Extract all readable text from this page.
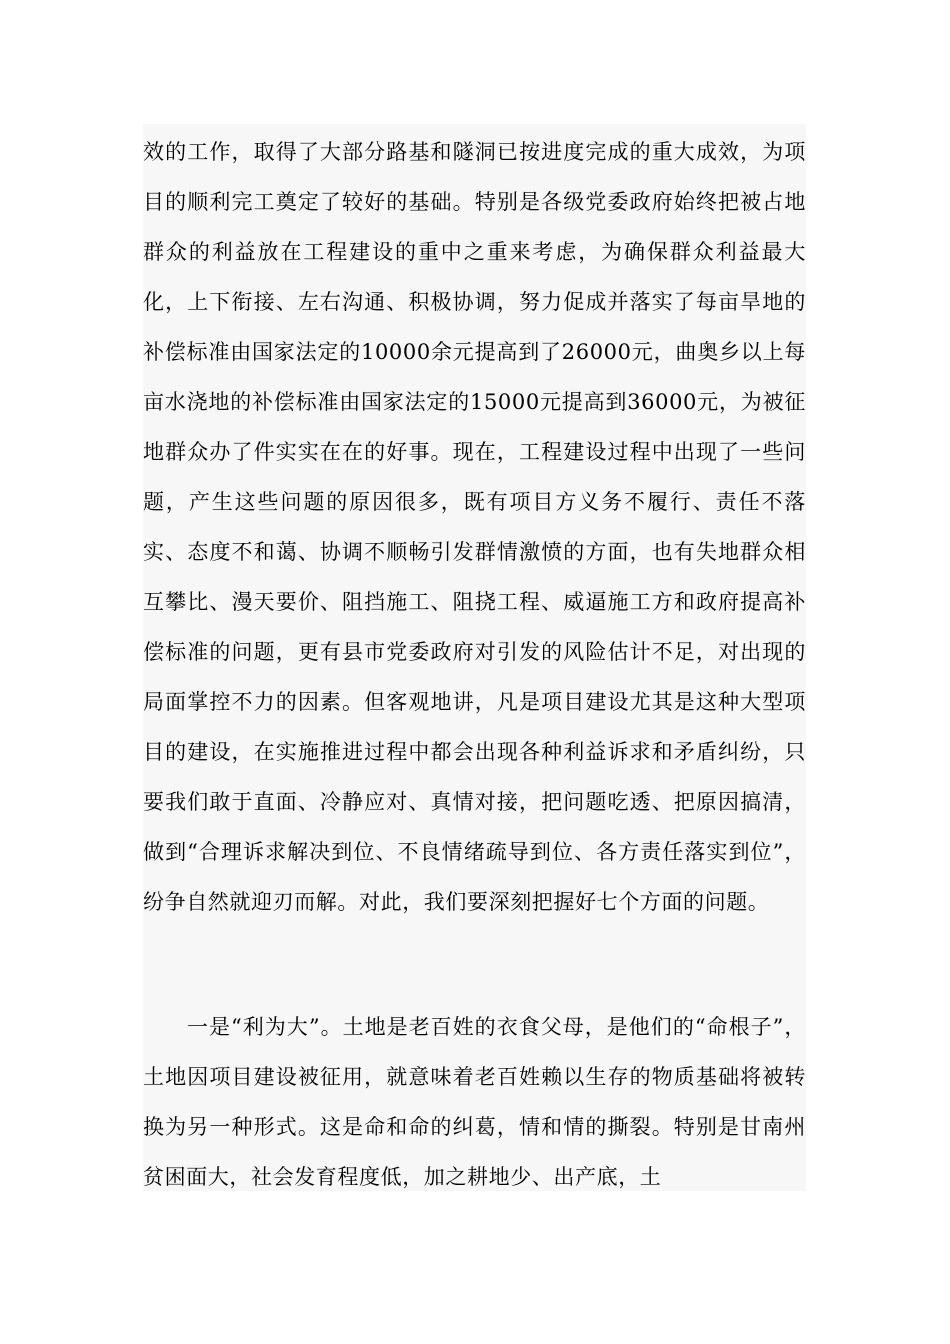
效的工作，取得了大部分路基和隧洞已按进度完成的重大成效，为项目的顺利完工奠定了较好的基础。特别是各级党委政府始终把被占地群众的利益放在工程建设的重中之重来考虑，为确保群众利益最大化，上下衔接、左右沟通、积极协调，努力促成并落实了每亩旱地的补偿标准由国家法定的10000余元提高到了26000元，曲奥乡以上每亩水浇地的补偿标准由国家法定的15000元提高到36000元，为被征地群众办了件实实在在的好事。现在，工程建设过程中出现了一些问题，产生这些问题的原因很多，既有项目方义务不履行、责任不落实、态度不和蔼、协调不顺畅引发群情激愤的方面，也有失地群众相互攀比、漫天要价、阻挡施工、阻挠工程、威逼施工方和政府提高补偿标准的问题，更有县市党委政府对引发的风险估计不足，对出现的局面掌控不力的因素。但客观地讲，凡是项目建设尤其是这种大型项目的建设，在实施推进过程中都会出现各种利益诉求和矛盾纠纷，只要我们敢于直面、冷静应对、真情对接，把问题吃透、把原因搞清，做到“合理诉求解决到位、不良情绪疏导到位、各方责任落实到位”，纷争自然就迎刃而解。对此，我们要深刻把握好七个方面的问题。

一是“利为大”。土地是老百姓的衣食父母，是他们的“命根子”，土地因项目建设被征用，就意味着老百姓赖以生存的物质基础将被转换为另一种形式。这是命和命的纠葛，情和情的撕裂。特别是甘南州贫困面大，社会发育程度低，加之耕地少、出产底，土
